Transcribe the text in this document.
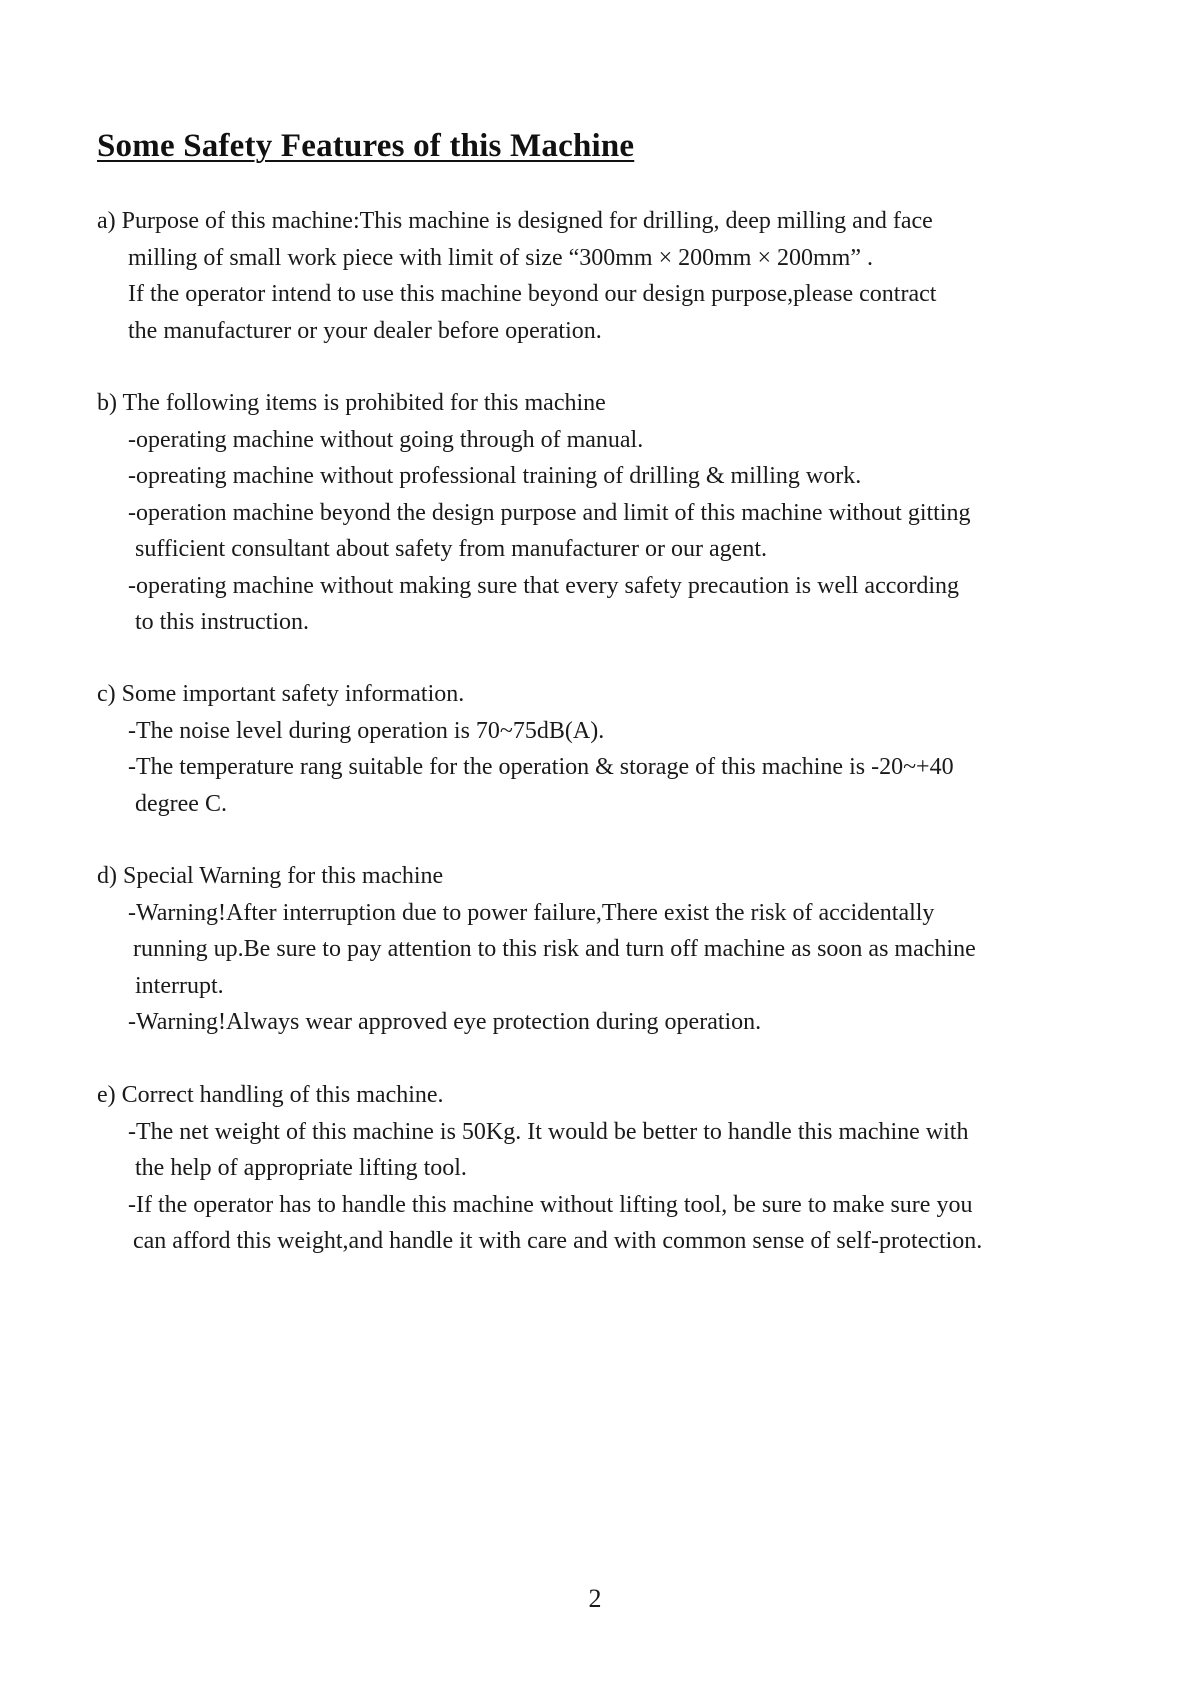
Some Safety Features of this Machine

a) Purpose of this machine:This machine is designed for drilling, deep milling and face

milling of small work piece with limit of size “300mm × 200mm × 200mm” .

If the operator intend to use this machine beyond our design purpose,please contract

the manufacturer or your dealer before operation.

b) The following items is prohibited for this machine

-operating machine without going through of manual.

-opreating machine without professional training of drilling & milling work.

-operation machine beyond the design purpose and limit of this machine without gitting

sufficient consultant about safety from manufacturer or our agent.

-operating machine without making sure that every safety precaution is well according

to this instruction.

c) Some important safety information.

-The noise level during operation is 70~75dB(A).

-The temperature rang suitable for the operation & storage of this machine is -20~+40

degree C.

d) Special Warning for this machine

-Warning!After interruption due to power failure,There exist the risk of accidentally

running up.Be sure to pay attention to this risk and turn off machine as soon as machine

interrupt.

-Warning!Always wear approved eye protection during operation.

e) Correct handling of this machine.

-The net weight of this machine is 50Kg. It would be better to handle this machine with

the help of appropriate lifting tool.

-If the operator has to handle this machine without lifting tool, be sure to make sure you

can afford this weight,and handle it with care and with common sense of self-protection.

2
